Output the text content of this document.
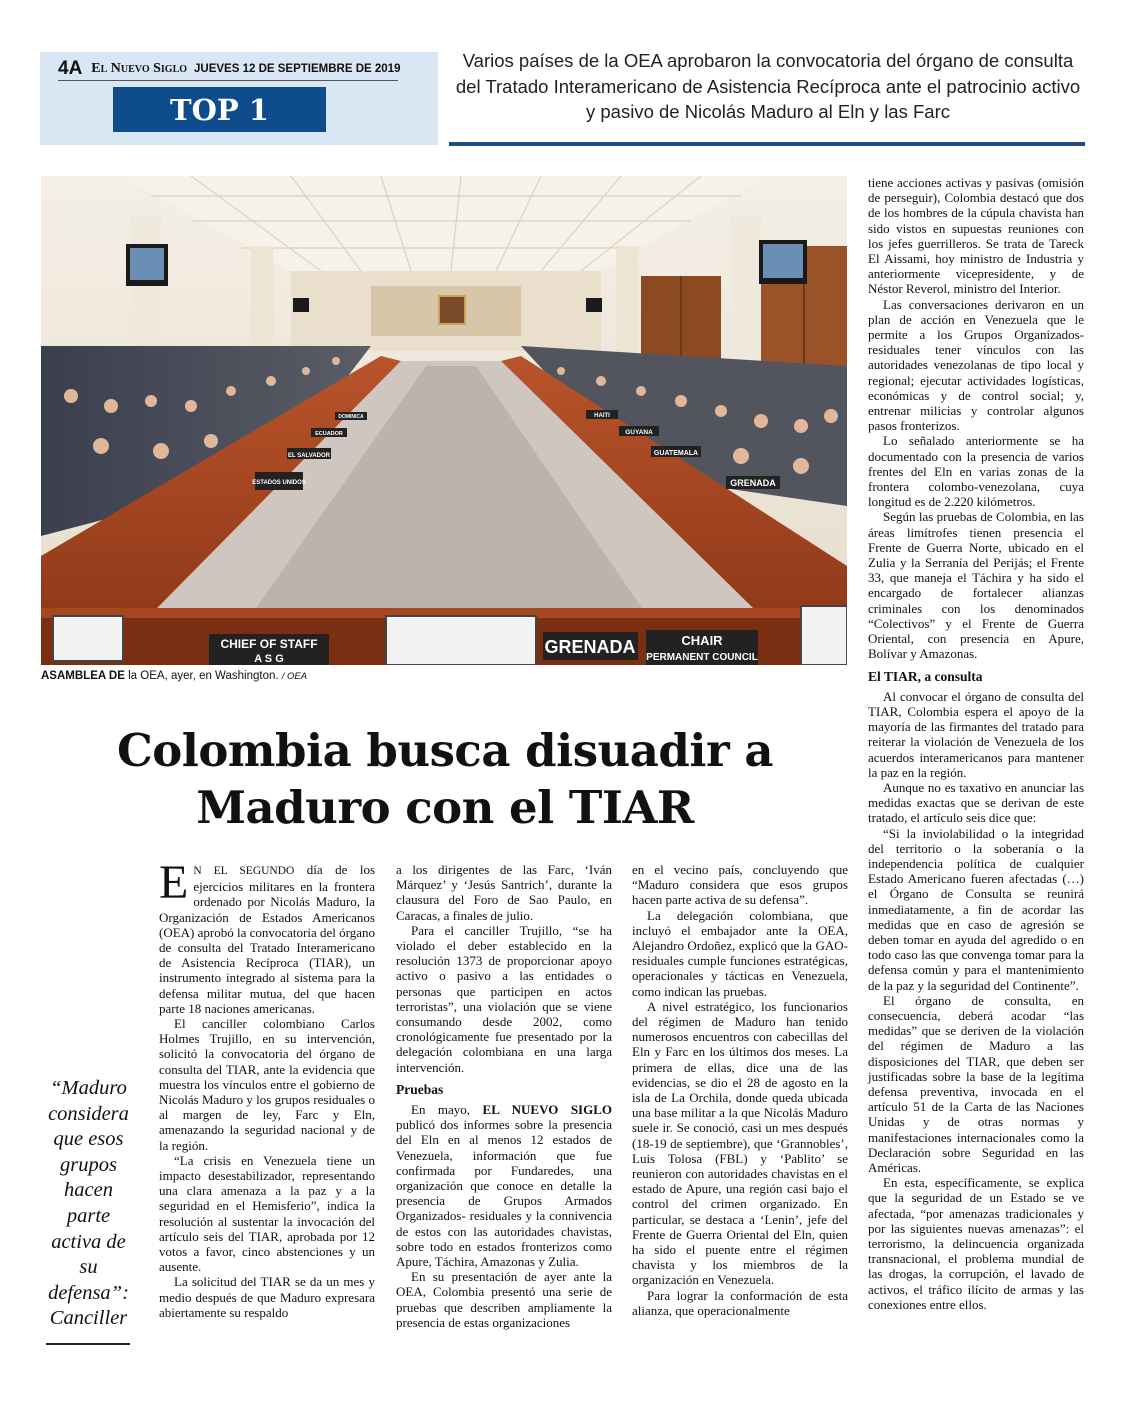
4A El Nuevo Siglo JUEVES 12 DE SEPTIEMBRE DE 2019
TOP 1
Varios países de la OEA aprobaron la convocatoria del órgano de consulta del Tratado Interamericano de Asistencia Recíproca ante el patrocinio activo y pasivo de Nicolás Maduro al Eln y las Farc
CHIEF OF STAFF
A S G
GRENADA	CHAIR
PERMANENT COUNCIL
GRENADA
GUATEMALA
GUYANA
HAITI
ESTADOS UNIDOS
EL SALVADOR
ECUADOR
DOMINICA
ASAMBLEA DE la OEA, ayer, en Washington. / OEA
Colombia busca disuadir a
Maduro con el TIAR
“Maduro considera que esos grupos hacen parte activa de su defensa”: Canciller

E N EL SEGUNDO día de los ejercicios militares en la frontera ordenado por Nicolás Maduro, la Organización de Estados Americanos (OEA) aprobó la convocatoria del órgano de consulta del Tratado Interamericano de Asistencia Recíproca (TIAR), un instrumento integrado al sistema para la defensa militar mutua, del que hacen parte 18 naciones americanas.

El canciller colombiano Carlos Holmes Trujillo, en su intervención, solicitó la convocatoria del órgano de consulta del TIAR, ante la evidencia que muestra los vínculos entre el gobierno de Nicolás Maduro y los grupos residuales o al margen de ley, Farc y Eln, amenazando la seguridad nacional y de la región.

“La crisis en Venezuela tiene un impacto desestabilizador, representando una clara amenaza a la paz y a la seguridad en el Hemisferio”, indica la resolución al sustentar la invocación del artículo seis del TIAR, aprobada por 12 votos a favor, cinco abstenciones y un ausente.

La solicitud del TIAR se da un mes y medio después de que Maduro expresara abiertamente su respaldo

a los dirigentes de las Farc, ‘Iván Márquez’ y ‘Jesús Santrich’, durante la clausura del Foro de Sao Paulo, en Caracas, a finales de julio.

Para el canciller Trujillo, “se ha violado el deber establecido en la resolución 1373 de proporcionar apoyo activo o pasivo a las entidades o personas que participen en actos terroristas”, una violación que se viene consumando desde 2002, como cronológicamente fue presentado por la delegación colombiana en una larga intervención.

Pruebas

En mayo, EL NUEVO SIGLO publicó dos informes sobre la presencia del Eln en al menos 12 estados de Venezuela, información que fue confirmada por Fundaredes, una organización que conoce en detalle la presencia de Grupos Armados Organizados- residuales y la connivencia de estos con las autoridades chavistas, sobre todo en estados fronterizos como Apure, Táchira, Amazonas y Zulia.

En su presentación de ayer ante la OEA, Colombia presentó una serie de pruebas que describen ampliamente la presencia de estas organizaciones

en el vecino país, concluyendo que “Maduro considera que esos grupos hacen parte activa de su defensa”.

La delegación colombiana, que incluyó el embajador ante la OEA, Alejandro Ordoñez, explicó que la GAO-residuales cumple funciones estratégicas, operacionales y tácticas en Venezuela, como indican las pruebas.

A nivel estratégico, los funcionarios del régimen de Maduro han tenido numerosos encuentros con cabecillas del Eln y Farc en los últimos dos meses. La primera de ellas, dice una de las evidencias, se dio el 28 de agosto en la isla de La Orchila, donde queda ubicada una base militar a la que Nicolás Maduro suele ir. Se conoció, casi un mes después (18-19 de septiembre), que ‘Grannobles’, Luis Tolosa (FBL) y ‘Pablito’ se reunieron con autoridades chavistas en el estado de Apure, una región casi bajo el control del crimen organizado. En particular, se destaca a ‘Lenin’, jefe del Frente de Guerra Oriental del Eln, quien ha sido el puente entre el régimen chavista y los miembros de la organización en Venezuela.

Para lograr la conformación de esta alianza, que operacionalmente

tiene acciones activas y pasivas (omisión de perseguir), Colombia destacó que dos de los hombres de la cúpula chavista han sido vistos en supuestas reuniones con los jefes guerrilleros. Se trata de Tareck El Aissami, hoy ministro de Industria y anteriormente vicepresidente, y de Néstor Reverol, ministro del Interior.

Las conversaciones derivaron en un plan de acción en Venezuela que le permite a los Grupos Organizados- residuales tener vínculos con las autoridades venezolanas de tipo local y regional; ejecutar actividades logísticas, económicas y de control social; y, entrenar milicias y controlar algunos pasos fronterizos.

Lo señalado anteriormente se ha documentado con la presencia de varios frentes del Eln en varias zonas de la frontera colombo-venezolana, cuya longitud es de 2.220 kilómetros.

Según las pruebas de Colombia, en las áreas limítrofes tienen presencia el Frente de Guerra Norte, ubicado en el Zulia y la Serranía del Perijás; el Frente 33, que maneja el Táchira y ha sido el encargado de fortalecer alianzas criminales con los denominados “Colectivos” y el Frente de Guerra Oriental, con presencia en Apure, Bolívar y Amazonas.

El TIAR, a consulta

Al convocar el órgano de consulta del TIAR, Colombia espera el apoyo de la mayoría de las firmantes del tratado para reiterar la violación de Venezuela de los acuerdos interamericanos para mantener la paz en la región.

Aunque no es taxativo en anunciar las medidas exactas que se derivan de este tratado, el artículo seis dice que:

“Si la inviolabilidad o la integridad del territorio o la soberanía o la independencia política de cualquier Estado Americano fueren afectadas (…) el Órgano de Consulta se reunirá inmediatamente, a fin de acordar las medidas que en caso de agresión se deben tomar en ayuda del agredido o en todo caso las que convenga tomar para la defensa común y para el mantenimiento de la paz y la seguridad del Continente”.

El órgano de consulta, en consecuencia, deberá acodar “las medidas” que se deriven de la violación del régimen de Maduro a las disposiciones del TIAR, que deben ser justificadas sobre la base de la legítima defensa preventiva, invocada en el artículo 51 de la Carta de las Naciones Unidas y de otras normas y manifestaciones internacionales como la Declaración sobre Seguridad en las Américas.

En esta, específicamente, se explica que la seguridad de un Estado se ve afectada, “por amenazas tradicionales y por las siguientes nuevas amenazas”: el terrorismo, la delincuencia organizada transnacional, el problema mundial de las drogas, la corrupción, el lavado de activos, el tráfico ilícito de armas y las conexiones entre ellos.
